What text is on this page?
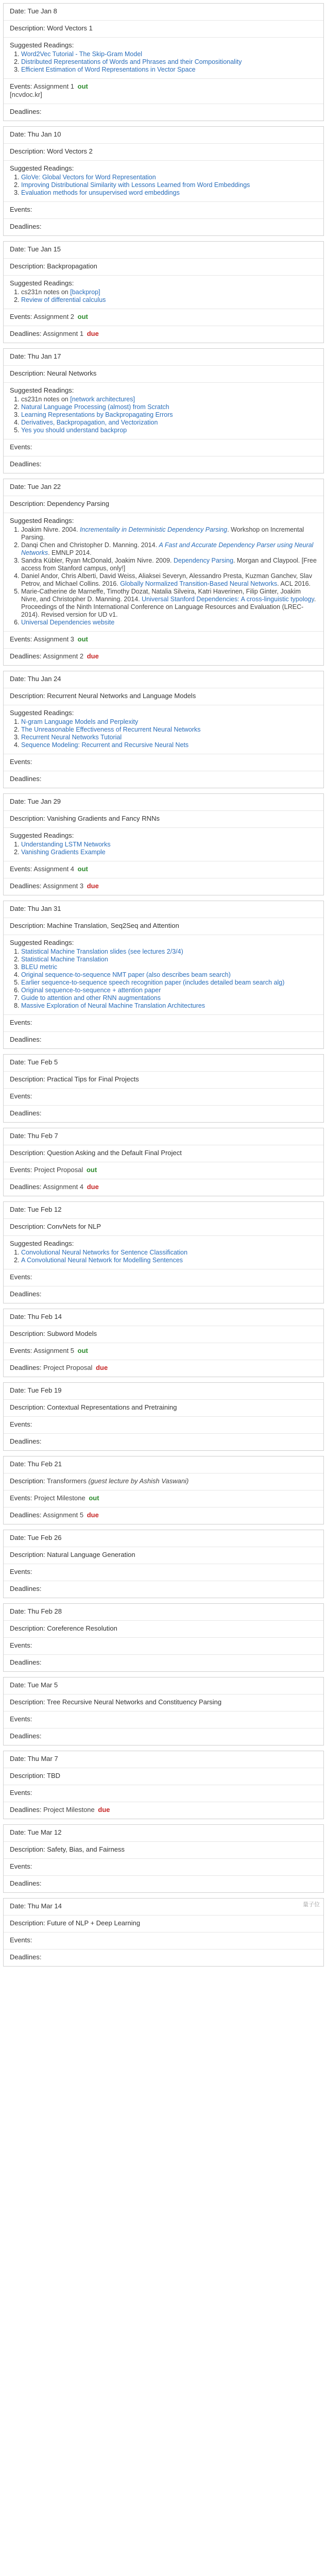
Date: Tue Jan 8
Description: Word Vectors 1
Suggested Readings:
1. Word2Vec Tutorial - The Skip-Gram Model
2. Distributed Representations of Words and Phrases and their Compositionality
3. Efficient Estimation of Word Representations in Vector Space
Events: Assignment 1 out
[ncvdoc.kr]
Deadlines:
Date: Thu Jan 10
Description: Word Vectors 2
Suggested Readings:
1. GloVe: Global Vectors for Word Representation
2. Improving Distributional Similarity with Lessons Learned from Word Embeddings
3. Evaluation methods for unsupervised word embeddings
Events:
Deadlines:
Date: Tue Jan 15
Description: Backpropagation
Suggested Readings:
1. cs231n notes on [backprop]
2. Review of differential calculus
Events: Assignment 2 out
Deadlines: Assignment 1 due
Date: Thu Jan 17
Description: Neural Networks
Suggested Readings:
1. cs231n notes on [network architectures]
2. Natural Language Processing (almost) from Scratch
3. Learning Representations by Backpropagating Errors
4. Derivatives, Backpropagation, and Vectorization
5. Yes you should understand backprop
Events:
Deadlines:
Date: Tue Jan 22
Description: Dependency Parsing
Suggested Readings:
1. Joakim Nivre. 2004. Incrementality in Deterministic Dependency Parsing. Workshop on Incremental Parsing.
2. Danqi Chen and Christopher D. Manning. 2014. A Fast and Accurate Dependency Parser using Neural Networks. EMNLP 2014.
3. Sandra Kübler, Ryan McDonald, Joakim Nivre. 2009. Dependency Parsing. Morgan and Claypool. [Free access from Stanford campus, only!]
4. Daniel Andor, Chris Alberti, David Weiss, Aliaksei Severyn, Alessandro Presta, Kuzman Ganchev, Slav Petrov, and Michael Collins. 2016. Globally Normalized Transition-Based Neural Networks. ACL 2016.
5. Marie-Catherine de Marneffe, Timothy Dozat, Natalia Silveira, Katri Haverinen, Filip Ginter, Joakim Nivre, and Christopher D. Manning. 2014. Universal Stanford Dependencies: A cross-linguistic typology. Proceedings of the Ninth International Conference on Language Resources and Evaluation (LREC-2014). Revised version for UD v1.
6. Universal Dependencies website
Events: Assignment 3 out
Deadlines: Assignment 2 due
Date: Thu Jan 24
Description: Recurrent Neural Networks and Language Models
Suggested Readings:
1. N-gram Language Models and Perplexity
2. The Unreasonable Effectiveness of Recurrent Neural Networks
3. Recurrent Neural Networks Tutorial
4. Sequence Modeling: Recurrent and Recursive Neural Nets
Events:
Deadlines:
Date: Tue Jan 29
Description: Vanishing Gradients and Fancy RNNs
Suggested Readings:
1. Understanding LSTM Networks
2. Vanishing Gradients Example
Events: Assignment 4 out
Deadlines: Assignment 3 due
Date: Thu Jan 31
Description: Machine Translation, Seq2Seq and Attention
Suggested Readings:
1. Statistical Machine Translation slides (see lectures 2/3/4)
2. Statistical Machine Translation
3. BLEU metric
4. Original sequence-to-sequence NMT paper (also describes beam search)
5. Earlier sequence-to-sequence speech recognition paper (includes detailed beam search alg)
6. Original sequence-to-sequence + attention paper
7. Guide to attention and other RNN augmentations
8. Massive Exploration of Neural Machine Translation Architectures
Events:
Deadlines:
Date: Tue Feb 5
Description: Practical Tips for Final Projects
Events:
Deadlines:
Date: Thu Feb 7
Description: Question Asking and the Default Final Project
Events: Project Proposal out
Deadlines: Assignment 4 due
Date: Tue Feb 12
Description: ConvNets for NLP
Suggested Readings:
1. Convolutional Neural Networks for Sentence Classification
2. A Convolutional Neural Network for Modelling Sentences
Events:
Deadlines:
Date: Thu Feb 14
Description: Subword Models
Events: Assignment 5 out
Deadlines: Project Proposal due
Date: Tue Feb 19
Description: Contextual Representations and Pretraining
Events:
Deadlines:
Date: Thu Feb 21
Description: Transformers (guest lecture by Ashish Vaswani)
Events: Project Milestone out
Deadlines: Assignment 5 due
Date: Tue Feb 26
Description: Natural Language Generation
Events:
Deadlines:
Date: Thu Feb 28
Description: Coreference Resolution
Events:
Deadlines:
Date: Tue Mar 5
Description: Tree Recursive Neural Networks and Constituency Parsing
Events:
Deadlines:
Date: Thu Mar 7
Description: TBD
Events:
Deadlines: Project Milestone due
Date: Tue Mar 12
Description: Safety, Bias, and Fairness
Events:
Deadlines:
Date: Thu Mar 14
Description: Future of NLP + Deep Learning
Events:
Deadlines:
量子位
